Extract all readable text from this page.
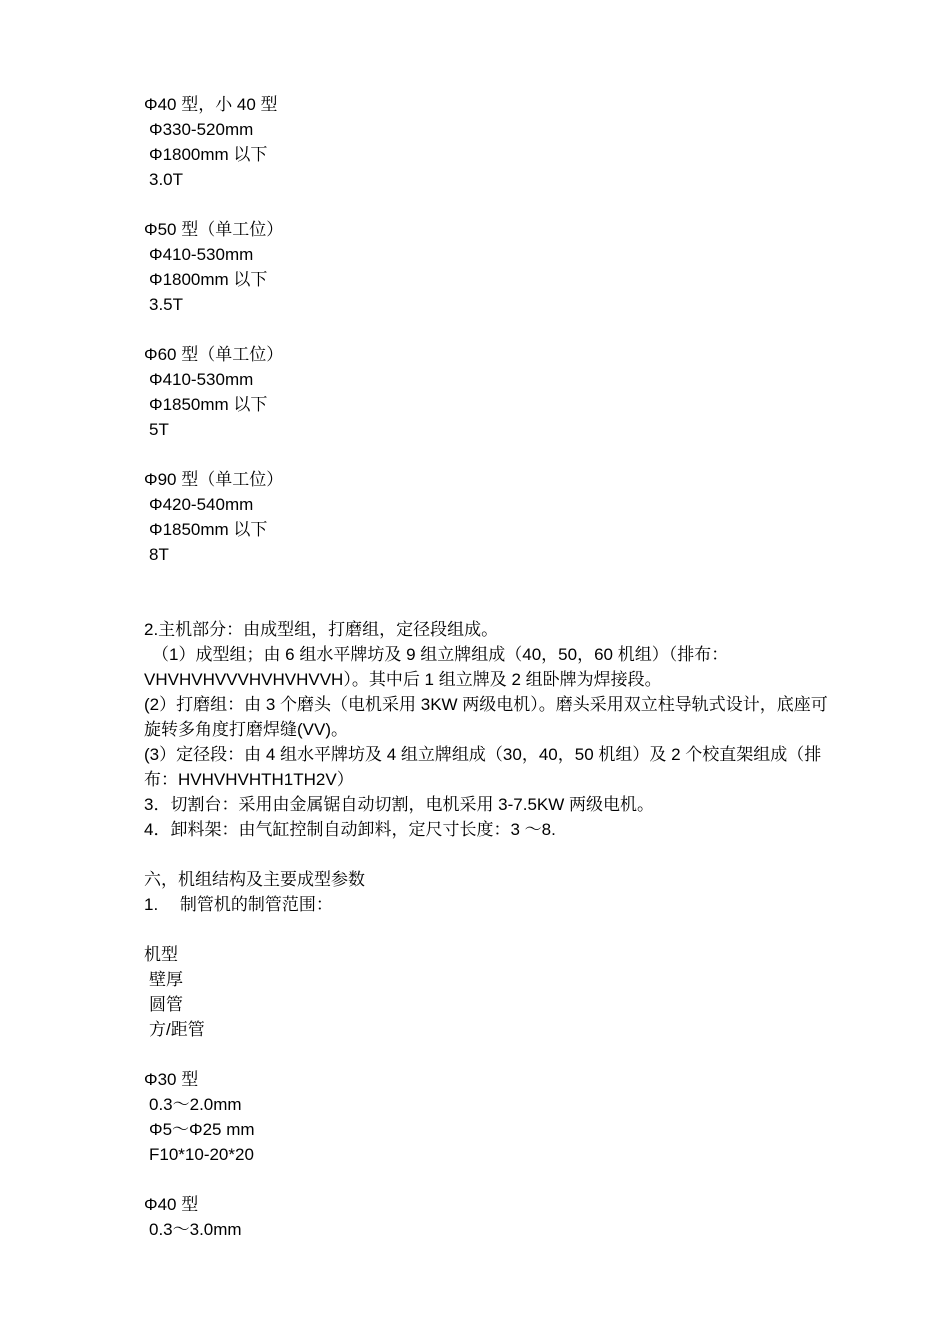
Φ40 型，小 40 型
Φ330-520mm
Φ1800mm 以下
3.0T
Φ50 型（单工位）
Φ410-530mm
Φ1800mm 以下
3.5T
Φ60 型（单工位）
Φ410-530mm
Φ1850mm 以下
5T
Φ90 型（单工位）
Φ420-540mm
Φ1850mm 以下
8T
2.主机部分：由成型组，打磨组，定径段组成。
（1）成型组；由 6 组水平牌坊及 9 组立牌组成（40，50，60 机组）（排布：VHVHVHVVVHVHVHVVH）。其中后 1 组立牌及 2 组卧牌为焊接段。
(2）打磨组：由 3 个磨头（电机采用 3KW 两级电机）。磨头采用双立柱导轨式设计，底座可旋转多角度打磨焊缝(VV)。
(3）定径段：由 4 组水平牌坊及 4 组立牌组成（30，40，50 机组）及 2 个校直架组成（排布：HVHVHVHTH1TH2V）
3．切割台：采用由金属锯自动切割，电机采用 3-7.5KW 两级电机。
4．卸料架：由气缸控制自动卸料，定尺寸长度：3 ～8.
六，机组结构及主要成型参数
1.　 制管机的制管范围：
机型
壁厚
圆管
方/距管
Φ30 型
0.3～2.0mm
Φ5～Φ25 mm
F10*10-20*20
Φ40 型
0.3～3.0mm
